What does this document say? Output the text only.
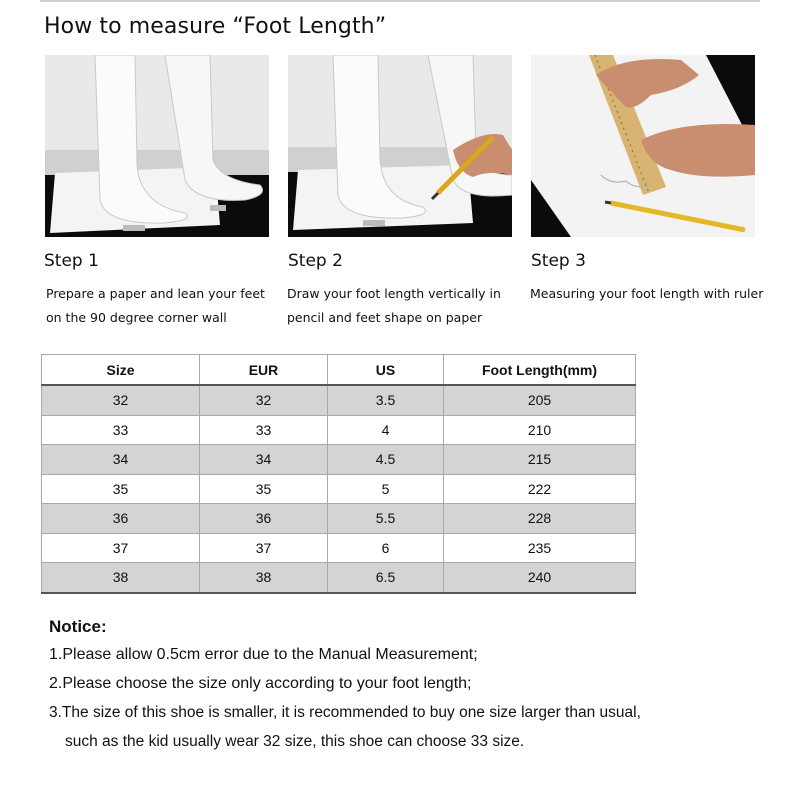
How to measure “Foot Length”
Step 1
Prepare a paper and lean your feet
on the 90 degree corner wall
Step 2
Draw your foot length vertically in
pencil and feet shape on paper
Step 3
Measuring your foot length with ruler
Size	EUR	US	Foot Length(mm)
32	32	3.5	205
33	33	4	210
34	34	4.5	215
35	35	5	222
36	36	5.5	228
37	37	6	235
38	38	6.5	240
Notice:
1.Please allow 0.5cm error due to the Manual Measurement;
2.Please choose the size only according to your foot length;
3.The size of this shoe is smaller, it is recommended to buy one size larger than usual,
such as the kid usually wear 32 size, this shoe can choose 33 size.
